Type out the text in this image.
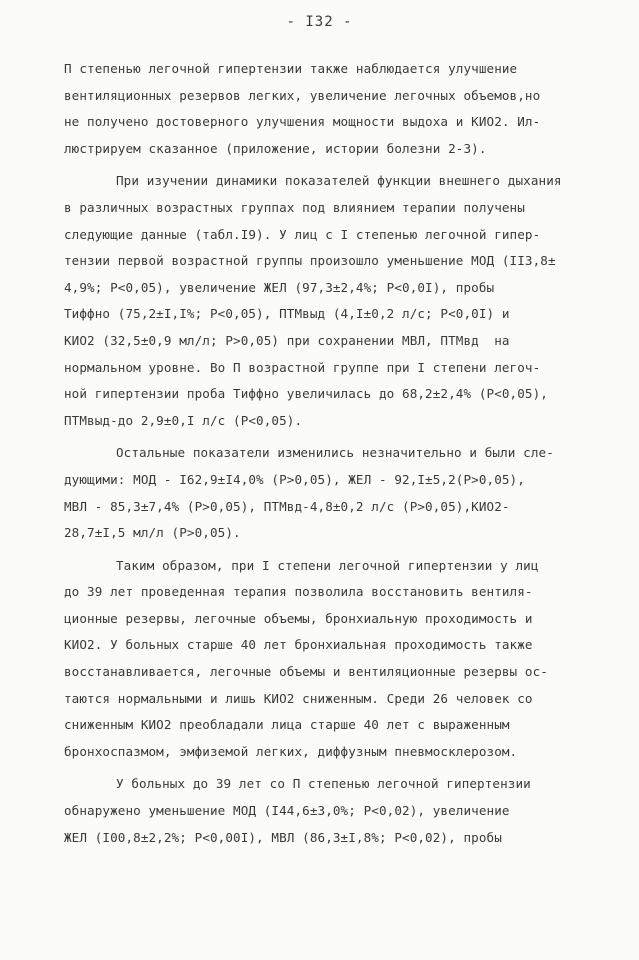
- I32 -
П степенью легочной гипертензии также наблюдается улучшение
вентиляционных резервов легких, увеличение легочных объемов,но
не получено достоверного улучшения мощности выдоха и КИО2. Ил-
люстрируем сказанное (приложение, истории болезни 2-3).
При изучении динамики показателей функции внешнего дыхания
в различных возрастных группах под влиянием терапии получены
следующие данные (табл.I9). У лиц с I степенью легочной гипер-
тензии первой возрастной группы произошло уменьшение МОД (II3,8±
4,9%; Р<0,05), увеличение ЖЕЛ (97,3±2,4%; Р<0,0I), пробы
Тиффно (75,2±I,I%; Р<0,05), ПТМвыд (4,I±0,2 л/с; Р<0,0I) и
КИО2 (32,5±0,9 мл/л; Р>0,05) при сохранении МВЛ, ПТМвд  на
нормальном уровне. Во П возрастной группе при I степени легоч-
ной гипертензии проба Тиффно увеличилась до 68,2±2,4% (Р<0,05),
ПТМвыд-до 2,9±0,I л/с (Р<0,05).
Остальные показатели изменились незначительно и были сле-
дующими: МОД - I62,9±I4,0% (Р>0,05), ЖЕЛ - 92,I±5,2(Р>0,05),
МВЛ - 85,3±7,4% (Р>0,05), ПТМвд-4,8±0,2 л/с (Р>0,05),КИО2-
28,7±I,5 мл/л (Р>0,05).
Таким образом, при I степени легочной гипертензии у лиц
до 39 лет проведенная терапия позволила восстановить вентиля-
ционные резервы, легочные объемы, бронхиальную проходимость и
КИО2. У больных старше 40 лет бронхиальная проходимость также
восстанавливается, легочные объемы и вентиляционные резервы ос-
таются нормальными и лишь КИО2 сниженным. Среди 26 человек со
сниженным КИО2 преобладали лица старше 40 лет с выраженным
бронхоспазмом, эмфиземой легких, диффузным пневмосклерозом.
У больных до 39 лет со П степенью легочной гипертензии
обнаружено уменьшение МОД (I44,6±3,0%; Р<0,02), увеличение
ЖЕЛ (I00,8±2,2%; Р<0,00I), МВЛ (86,3±I,8%; Р<0,02), пробы
